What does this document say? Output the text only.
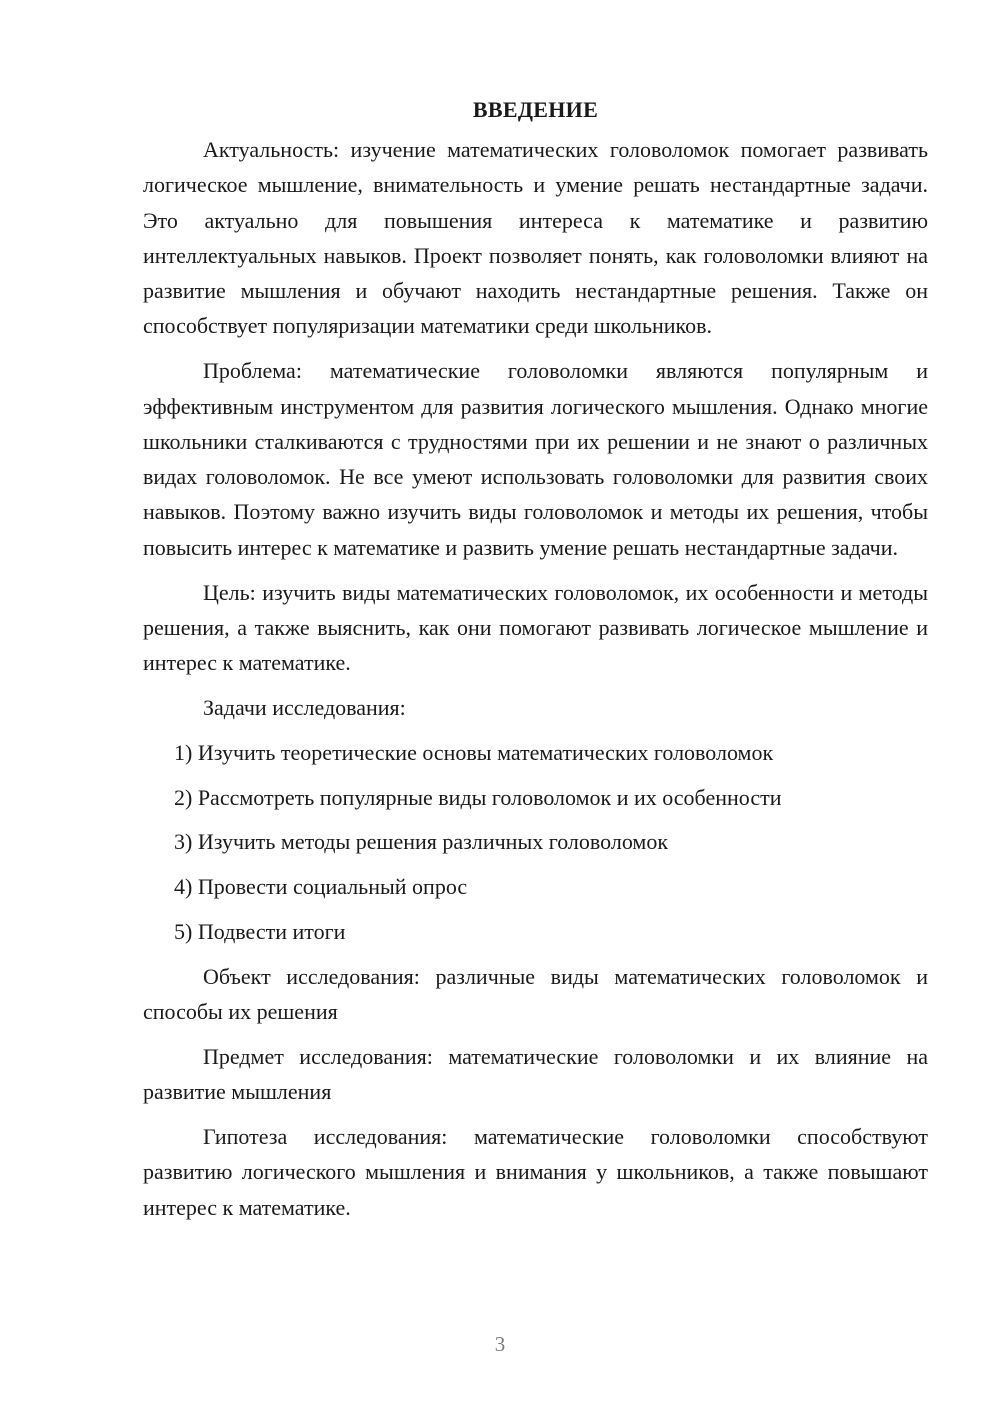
ВВЕДЕНИЕ

Актуальность: изучение математических головоломок помогает развивать логическое мышление, внимательность и умение решать нестандартные задачи. Это актуально для повышения интереса к математике и развитию интеллектуальных навыков. Проект позволяет понять, как головоломки влияют на развитие мышления и обучают находить нестандартные решения. Также он способствует популяризации математики среди школьников.

Проблема: математические головоломки являются популярным и эффективным инструментом для развития логического мышления. Однако многие школьники сталкиваются с трудностями при их решении и не знают о различных видах головоломок. Не все умеют использовать головоломки для развития своих навыков. Поэтому важно изучить виды головоломок и методы их решения, чтобы повысить интерес к математике и развить умение решать нестандартные задачи.

Цель: изучить виды математических головоломок, их особенности и методы решения, а также выяснить, как они помогают развивать логическое мышление и интерес к математике.

Задачи исследования:

1) Изучить теоретические основы математических головоломок
2) Рассмотреть популярные виды головоломок и их особенности
3) Изучить методы решения различных головоломок
4) Провести социальный опрос
5) Подвести итоги

Объект исследования: различные виды математических головоломок и способы их решения

Предмет исследования: математические головоломки и их влияние на развитие мышления

Гипотеза исследования: математические головоломки способствуют развитию логического мышления и внимания у школьников, а также повышают интерес к математике.

3
